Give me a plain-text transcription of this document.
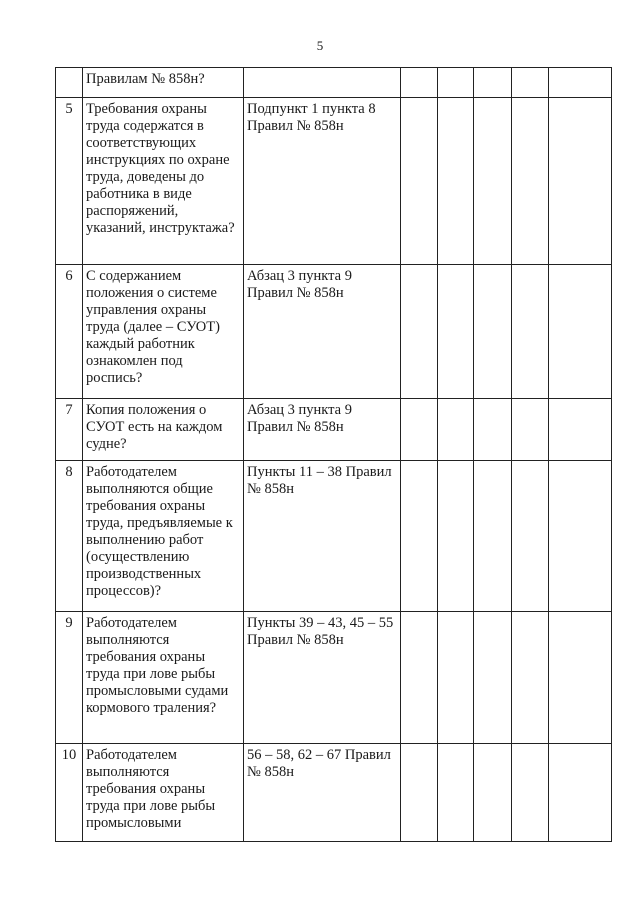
5

	Правилам № 858н?						

5	Требования охраны труда содержатся в соответствующих инструкциях по охране труда, доведены до работника в виде распоряжений, указаний, инструктажа?	Подпункт 1 пункта 8 Правил № 858н					

6	С содержанием положения о системе управления охраны труда (далее – СУОТ) каждый работник ознакомлен под роспись?	Абзац 3 пункта 9 Правил № 858н					

7	Копия положения о СУОТ есть на каждом судне?	Абзац 3 пункта 9 Правил № 858н					

8	Работодателем выполняются общие требования охраны труда, предъявляемые к выполнению работ (осуществлению производственных процессов)?	Пункты 11 – 38 Правил № 858н					

9	Работодателем выполняются требования охраны труда при лове рыбы промысловыми судами кормового траления?	Пункты 39 – 43, 45 – 55 Правил № 858н					

10	Работодателем выполняются требования охраны труда при лове рыбы промысловыми	56 – 58, 62 – 67 Правил № 858н					
